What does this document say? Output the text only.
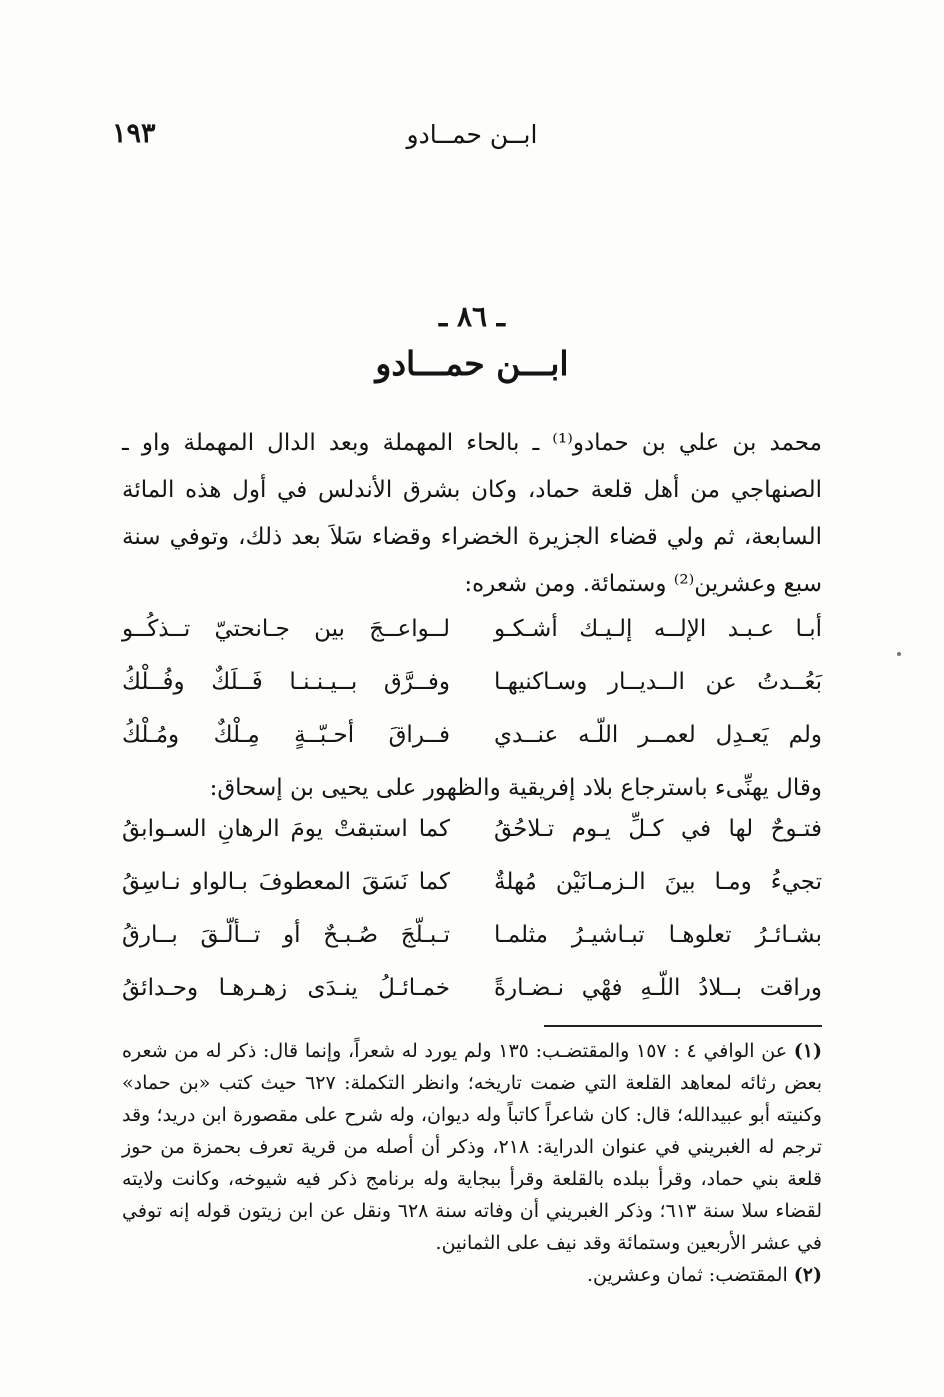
١٩٣	ابــن حمــادو
ـ ٨٦ ـ
ابـــن حمـــادو

محمد بن علي بن حمادو⁽¹⁾ ـ بالحاء المهملة وبعد الدال المهملة واو ـ الصنهاجي من أهل قلعة حماد، وكان بشرق الأندلس في أول هذه المائة السابعة، ثم ولي قضاء الجزيرة الخضراء وقضاء سَلاَ بعد ذلك، وتوفي سنة سبع وعشرين⁽²⁾ وستمائة. ومن شعره:

أبـا عـبـد الإلــه إلـيـك أشـكـو
لــواعــجَ بين جـانحتيّ تــذكُــو
بَعُــدتُ عن الــديــار وسـاكنيهـا
وفــرَّق بــيـنـنـا فَــلَكٌ وفُــلْكُ
ولم يَعـدِل لعمــر اللّـه عنــدي
فــراقَ أحـبّــةٍ مِـلْكٌ ومُـلْكُ
وقال يهنِّىء باسترجاع بلاد إفريقية والظهور على يحيى بن إسحاق:
فتـوحٌ لها في كـلِّ يـوم تـلاحُقُ
كما استبقتْ يومَ الرهانِ السـوابقُ
تجيءُ ومـا بينَ الـزمـانَيْن مُهلةٌ
كما نَسَقَ المعطوفَ بـالواو نـاسِقُ
بشـائـرُ تعلوهـا تبـاشيـرُ مثلمـا
تـبـلّجَ صُـبـحٌ أو تــألّـقَ بــارقُ
وراقت بــلادُ اللّـهِ فهْي نـضـارةً
خمـائـلُ ينـدَى زهـرهـا وحـدائقُ

(١) عن الوافي ٤ : ١٥٧ والمقتضـب: ١٣٥ ولم يورد له شعراً، وإنما قال: ذكر له من شعره بعض رثائه لمعاهد القلعة التي ضمت تاريخه؛ وانظر التكملة: ٦٢٧ حيث كتب «بن حماد» وكنيته أبو عبيدالله؛ قال: كان شاعراً كاتباً وله ديوان، وله شرح على مقصورة ابن دريد؛ وقد ترجم له الغبريني في عنوان الدراية: ٢١٨، وذكر أن أصله من قرية تعرف بحمزة من حوز قلعة بني حماد، وقرأ ببلده بالقلعة وقرأ ببجاية وله برنامج ذكر فيه شيوخه، وكانت ولايته لقضاء سلا سنة ٦١٣؛ وذكر الغبريني أن وفاته سنة ٦٢٨ ونقل عن ابن زيتون قوله إنه توفي في عشر الأربعين وستمائة وقد نيف على الثمانين.

(٢) المقتضب: ثمان وعشرين.
